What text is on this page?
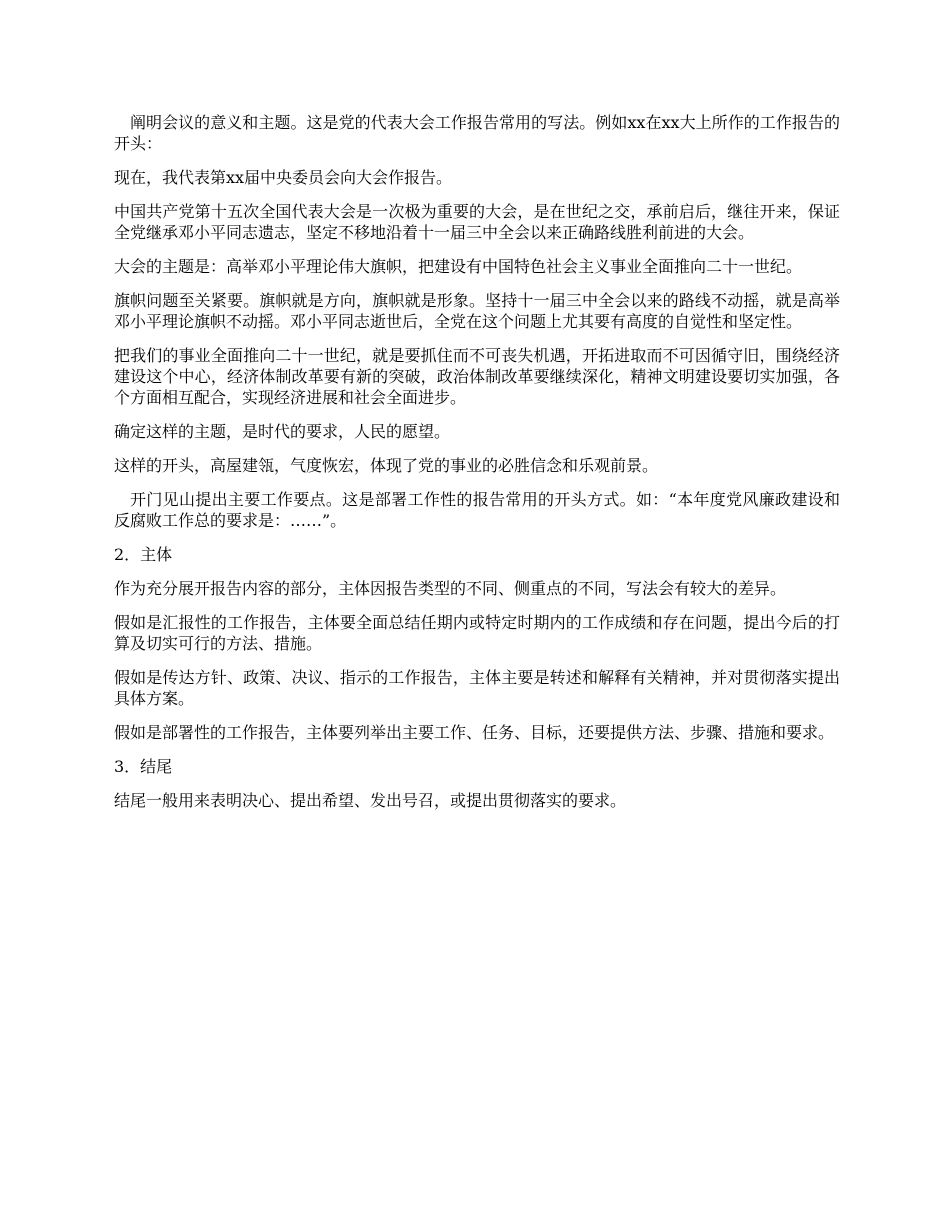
阐明会议的意义和主题。这是党的代表大会工作报告常用的写法。例如xx在xx大上所作的工作报告的开头：

现在，我代表第xx届中央委员会向大会作报告。

中国共产党第十五次全国代表大会是一次极为重要的大会，是在世纪之交，承前启后，继往开来，保证全党继承邓小平同志遗志，坚定不移地沿着十一届三中全会以来正确路线胜利前进的大会。

大会的主题是：高举邓小平理论伟大旗帜，把建设有中国特色社会主义事业全面推向二十一世纪。

旗帜问题至关紧要。旗帜就是方向，旗帜就是形象。坚持十一届三中全会以来的路线不动摇，就是高举邓小平理论旗帜不动摇。邓小平同志逝世后，全党在这个问题上尤其要有高度的自觉性和坚定性。

把我们的事业全面推向二十一世纪，就是要抓住而不可丧失机遇，开拓进取而不可因循守旧，围绕经济建设这个中心，经济体制改革要有新的突破，政治体制改革要继续深化，精神文明建设要切实加强，各个方面相互配合，实现经济进展和社会全面进步。

确定这样的主题，是时代的要求，人民的愿望。

这样的开头，高屋建瓴，气度恢宏，体现了党的事业的必胜信念和乐观前景。

开门见山提出主要工作要点。这是部署工作性的报告常用的开头方式。如：“本年度党风廉政建设和反腐败工作总的要求是：……”。

2．主体

作为充分展开报告内容的部分，主体因报告类型的不同、侧重点的不同，写法会有较大的差异。

假如是汇报性的工作报告，主体要全面总结任期内或特定时期内的工作成绩和存在问题，提出今后的打算及切实可行的方法、措施。

假如是传达方针、政策、决议、指示的工作报告，主体主要是转述和解释有关精神，并对贯彻落实提出具体方案。

假如是部署性的工作报告，主体要列举出主要工作、任务、目标，还要提供方法、步骤、措施和要求。

3．结尾

结尾一般用来表明决心、提出希望、发出号召，或提出贯彻落实的要求。
